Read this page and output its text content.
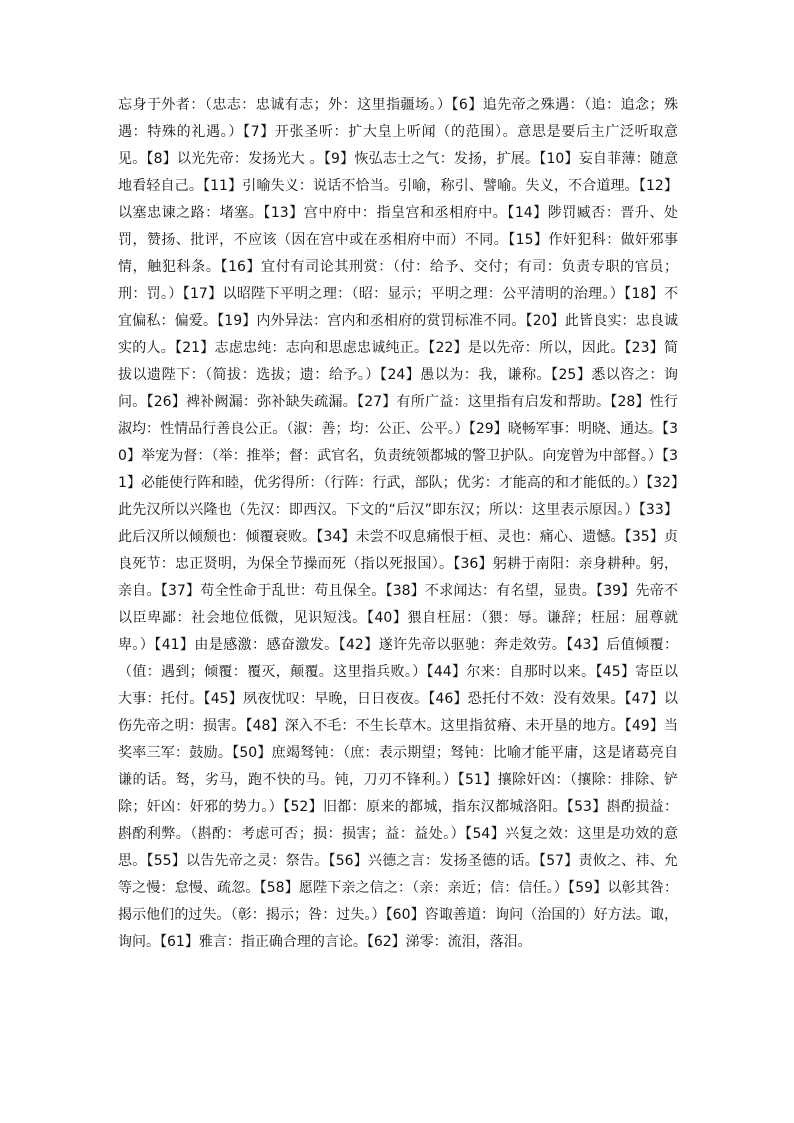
忘身于外者：（忠志：忠诚有志；外：这里指疆场。）【6】追先帝之殊遇：（追：追念；殊遇：特殊的礼遇。）【7】开张圣听：扩大皇上听闻（的范围）。意思是要后主广泛听取意见。【8】以光先帝：发扬光大 。【9】恢弘志士之气：发扬，扩展。【10】妄自菲薄：随意地看轻自己。【11】引喻失义：说话不恰当。引喻，称引、譬喻。失义，不合道理。【12】以塞忠谏之路：堵塞。【13】宫中府中：指皇宫和丞相府中。【14】陟罚臧否：晋升、处罚，赞扬、批评，不应该（因在宫中或在丞相府中而）不同。【15】作奸犯科：做奸邪事情，触犯科条。【16】宜付有司论其刑赏：（付：给予、交付；有司：负责专职的官员；刑：罚。）【17】以昭陛下平明之理：（昭：显示；平明之理：公平清明的治理。）【18】不宜偏私：偏爱。【19】内外异法：宫内和丞相府的赏罚标准不同。【20】此皆良实：忠良诚实的人。【21】志虑忠纯：志向和思虑忠诚纯正。【22】是以先帝：所以，因此。【23】简拔以遗陛下：（简拔：选拔；遗：给予。）【24】愚以为：我，谦称。【25】悉以咨之：询问。【26】裨补阙漏：弥补缺失疏漏。【27】有所广益：这里指有启发和帮助。【28】性行淑均：性情品行善良公正。（淑：善；均：公正、公平。）【29】晓畅军事：明晓、通达。【30】举宠为督：（举：推举；督：武官名，负责统领都城的警卫护队。向宠曾为中部督。）【31】必能使行阵和睦，优劣得所：（行阵：行武，部队；优劣：才能高的和才能低的。）【32】此先汉所以兴隆也（先汉：即西汉。下文的“后汉”即东汉；所以：这里表示原因。）【33】此后汉所以倾颓也：倾覆衰败。【34】未尝不叹息痛恨于桓、灵也：痛心、遗憾。【35】贞良死节：忠正贤明，为保全节操而死（指以死报国）。【36】躬耕于南阳：亲身耕种。躬，亲自。【37】苟全性命于乱世：苟且保全。【38】不求闻达：有名望，显贵。【39】先帝不以臣卑鄙：社会地位低微，见识短浅。【40】猥自枉屈：（猥：辱。谦辞；枉屈：屈尊就卑。）【41】由是感激：感奋激发。【42】遂许先帝以驱驰：奔走效劳。【43】后值倾覆：（值：遇到；倾覆：覆灭，颠覆。这里指兵败。）【44】尔来：自那时以来。【45】寄臣以大事：托付。【45】夙夜忧叹：早晚，日日夜夜。【46】恐托付不效：没有效果。【47】以伤先帝之明：损害。【48】深入不毛：不生长草木。这里指贫瘠、未开垦的地方。【49】当奖率三军：鼓励。【50】庶竭驽钝：（庶：表示期望；驽钝：比喻才能平庸，这是诸葛亮自谦的话。驽，劣马，跑不快的马。钝，刀刃不锋利。）【51】攘除奸凶：（攘除：排除、铲除；奸凶：奸邪的势力。）【52】旧都：原来的都城，指东汉都城洛阳。【53】斟酌损益：斟酌利弊。（斟酌：考虑可否；损：损害；益：益处。）【54】兴复之效：这里是功效的意思。【55】以告先帝之灵：祭告。【56】兴德之言：发扬圣德的话。【57】责攸之、祎、允等之慢：怠慢、疏忽。【58】愿陛下亲之信之：（亲：亲近；信：信任。）【59】以彰其咎：揭示他们的过失。（彰：揭示；咎：过失。）【60】咨诹善道：询问（治国的）好方法。诹，询问。【61】雅言：指正确合理的言论。【62】涕零：流泪，落泪。
